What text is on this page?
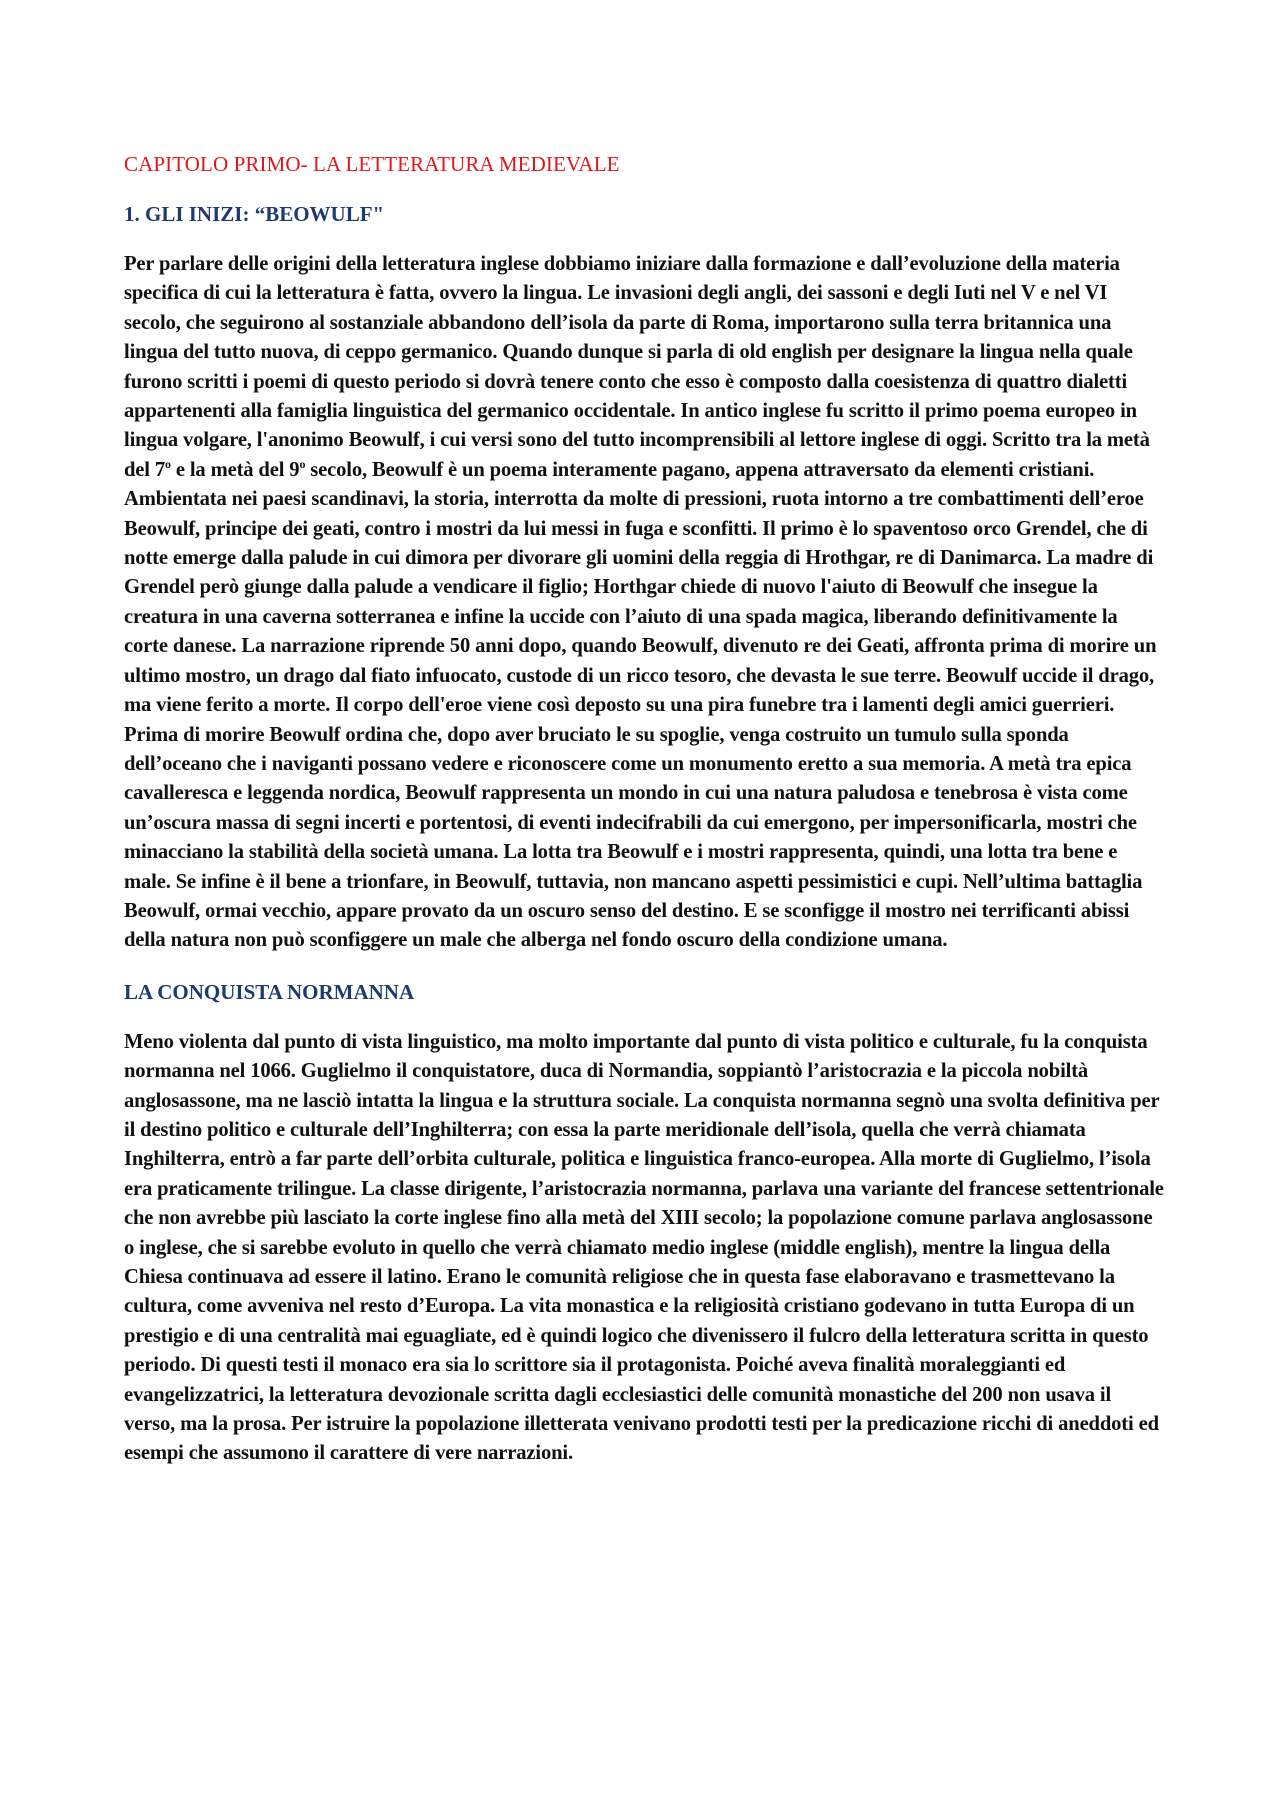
CAPITOLO PRIMO- LA LETTERATURA MEDIEVALE
1. GLI INIZI: “BEOWULF"

Per parlare delle origini della letteratura inglese dobbiamo iniziare dalla formazione e dall’evoluzione della materia specifica di cui la letteratura è fatta, ovvero la lingua. Le invasioni degli angli, dei sassoni e degli Iuti nel V e nel VI secolo, che seguirono al sostanziale abbandono dell’isola da parte di Roma, importarono sulla terra britannica una lingua del tutto nuova, di ceppo germanico. Quando dunque si parla di old english per designare la lingua nella quale furono scritti i poemi di questo periodo si dovrà tenere conto che esso è composto dalla coesistenza di quattro dialetti appartenenti alla famiglia linguistica del germanico occidentale. In antico inglese fu scritto il primo poema europeo in lingua volgare, l'anonimo Beowulf, i cui versi sono del tutto incomprensibili al lettore inglese di oggi. Scritto tra la metà del 7$^o$ e la metà del 9$^o$ secolo, Beowulf è un poema interamente pagano, appena attraversato da elementi cristiani. Ambientata nei paesi scandinavi, la storia, interrotta da molte di pressioni, ruota intorno a tre combattimenti dell’eroe Beowulf, principe dei geati, contro i mostri da lui messi in fuga e sconfitti. Il primo è lo spaventoso orco Grendel, che di notte emerge dalla palude in cui dimora per divorare gli uomini della reggia di Hrothgar, re di Danimarca. La madre di Grendel però giunge dalla palude a vendicare il figlio; Horthgar chiede di nuovo l'aiuto di Beowulf che insegue la creatura in una caverna sotterranea e infine la uccide con l’aiuto di una spada magica, liberando definitivamente la corte danese. La narrazione riprende 50 anni dopo, quando Beowulf, divenuto re dei Geati, affronta prima di morire un ultimo mostro, un drago dal fiato infuocato, custode di un ricco tesoro, che devasta le sue terre. Beowulf uccide il drago, ma viene ferito a morte. Il corpo dell'eroe viene così deposto su una pira funebre tra i lamenti degli amici guerrieri. Prima di morire Beowulf ordina che, dopo aver bruciato le su spoglie, venga costruito un tumulo sulla sponda dell’oceano che i naviganti possano vedere e riconoscere come un monumento eretto a sua memoria. A metà tra epica cavalleresca e leggenda nordica, Beowulf rappresenta un mondo in cui una natura paludosa e tenebrosa è vista come un’oscura massa di segni incerti e portentosi, di eventi indecifrabili da cui emergono, per impersonificarla, mostri che minacciano la stabilità della società umana. La lotta tra Beowulf e i mostri rappresenta, quindi, una lotta tra bene e male. Se infine è il bene a trionfare, in Beowulf, tuttavia, non mancano aspetti pessimistici e cupi. Nell’ultima battaglia Beowulf, ormai vecchio, appare provato da un oscuro senso del destino. E se sconfigge il mostro nei terrificanti abissi della natura non può sconfiggere un male che alberga nel fondo oscuro della condizione umana.

LA CONQUISTA NORMANNA

Meno violenta dal punto di vista linguistico, ma molto importante dal punto di vista politico e culturale, fu la conquista normanna nel 1066. Guglielmo il conquistatore, duca di Normandia, soppiantò l’aristocrazia e la piccola nobiltà anglosassone, ma ne lasciò intatta la lingua e la struttura sociale. La conquista normanna segnò una svolta definitiva per il destino politico e culturale dell’Inghilterra; con essa la parte meridionale dell’isola, quella che verrà chiamata Inghilterra, entrò a far parte dell’orbita culturale, politica e linguistica franco-europea. Alla morte di Guglielmo, l’isola era praticamente trilingue. La classe dirigente, l’aristocrazia normanna, parlava una variante del francese settentrionale che non avrebbe più lasciato la corte inglese fino alla metà del XIII secolo; la popolazione comune parlava anglosassone o inglese, che si sarebbe evoluto in quello che verrà chiamato medio inglese (middle english), mentre la lingua della Chiesa continuava ad essere il latino. Erano le comunità religiose che in questa fase elaboravano e trasmettevano la cultura, come avveniva nel resto d’Europa. La vita monastica e la religiosità cristiano godevano in tutta Europa di un prestigio e di una centralità mai eguagliate, ed è quindi logico che divenissero il fulcro della letteratura scritta in questo periodo. Di questi testi il monaco era sia lo scrittore sia il protagonista. Poiché aveva finalità moraleggianti ed evangelizzatrici, la letteratura devozionale scritta dagli ecclesiastici delle comunità monastiche del 200 non usava il verso, ma la prosa. Per istruire la popolazione illetterata venivano prodotti testi per la predicazione ricchi di aneddoti ed esempi che assumono il carattere di vere narrazioni.
